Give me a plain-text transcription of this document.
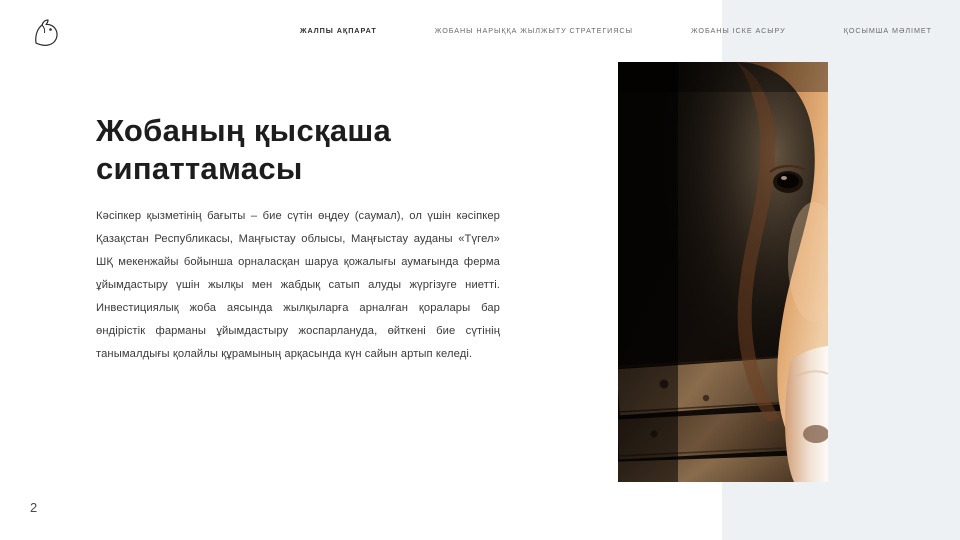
ЖАЛПЫ АҚПАРАТ	ЖОБАНЫ НАРЫҚҚА ЖЫЛЖЫТУ СТРАТЕГИЯСЫ	ЖОБАНЫ ІСКЕ АСЫРУ	ҚОСЫМША МӘЛІМЕТ
Жобаның қысқаша сипаттамасы

Кәсіпкер қызметінің бағыты – бие сүтін өңдеу (саумал), ол үшін кәсіпкер Қазақстан Республикасы, Маңғыстау облысы, Маңғыстау ауданы «Түгел» ШҚ мекенжайы бойынша орналасқан шаруа қожалығы аумағында ферма ұйымдастыру үшін жылқы мен жабдық сатып алуды жүргізуге ниетті. Инвестициялық жоба аясында жылқыларға арналған қоралары бар өндірістік фарманы ұйымдастыру жоспарлануда, өйткені бие сүтінің танымалдығы қолайлы құрамының арқасында күн сайын артып келеді.

2
